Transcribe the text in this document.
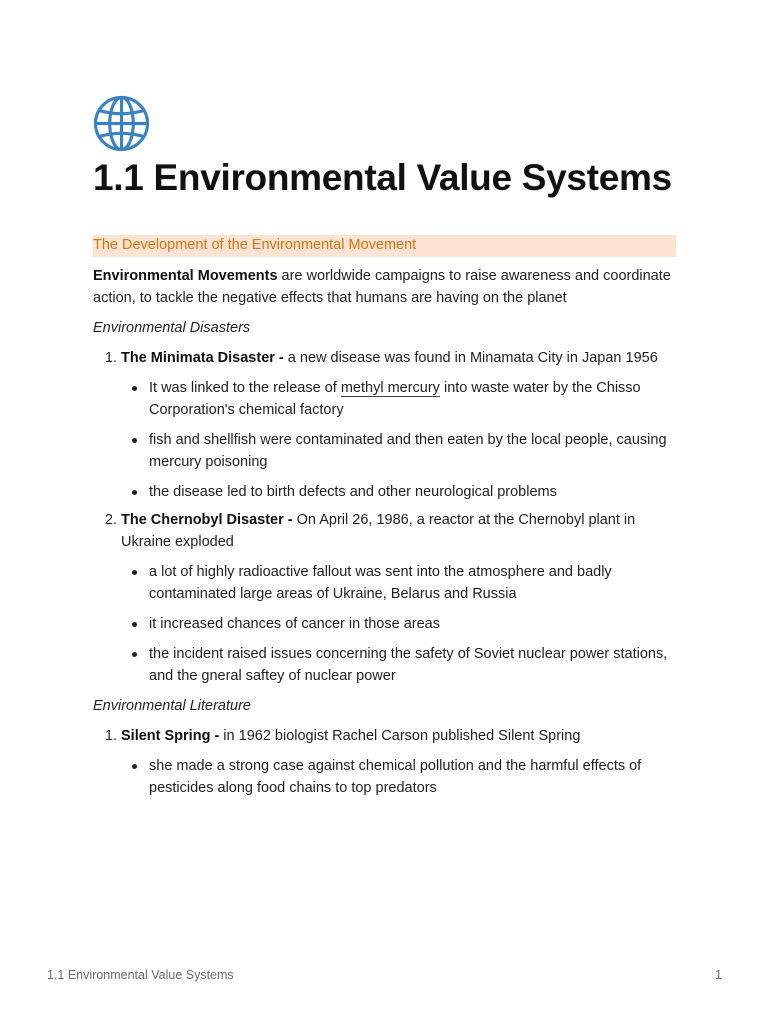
1.1 Environmental Value Systems
The Development of the Environmental Movement
Environmental Movements are worldwide campaigns to raise awareness and coordinate action, to tackle the negative effects that humans are having on the planet
Environmental Disasters
1. The Minimata Disaster - a new disease was found in Minamata City in Japan 1956
It was linked to the release of methyl mercury into waste water by the Chisso Corporation's chemical factory
fish and shellfish were contaminated and then eaten by the local people, causing mercury poisoning
the disease led to birth defects and other neurological problems
2. The Chernobyl Disaster - On April 26, 1986, a reactor at the Chernobyl plant in Ukraine exploded
a lot of highly radioactive fallout was sent into the atmosphere and badly contaminated large areas of Ukraine, Belarus and Russia
it increased chances of cancer in those areas
the incident raised issues concerning the safety of Soviet nuclear power stations, and the gneral saftey of nuclear power
Environmental Literature
1. Silent Spring - in 1962 biologist Rachel Carson published Silent Spring
she made a strong case against chemical pollution and the harmful effects of pesticides along food chains to top predators
1.1 Environmental Value Systems	1
